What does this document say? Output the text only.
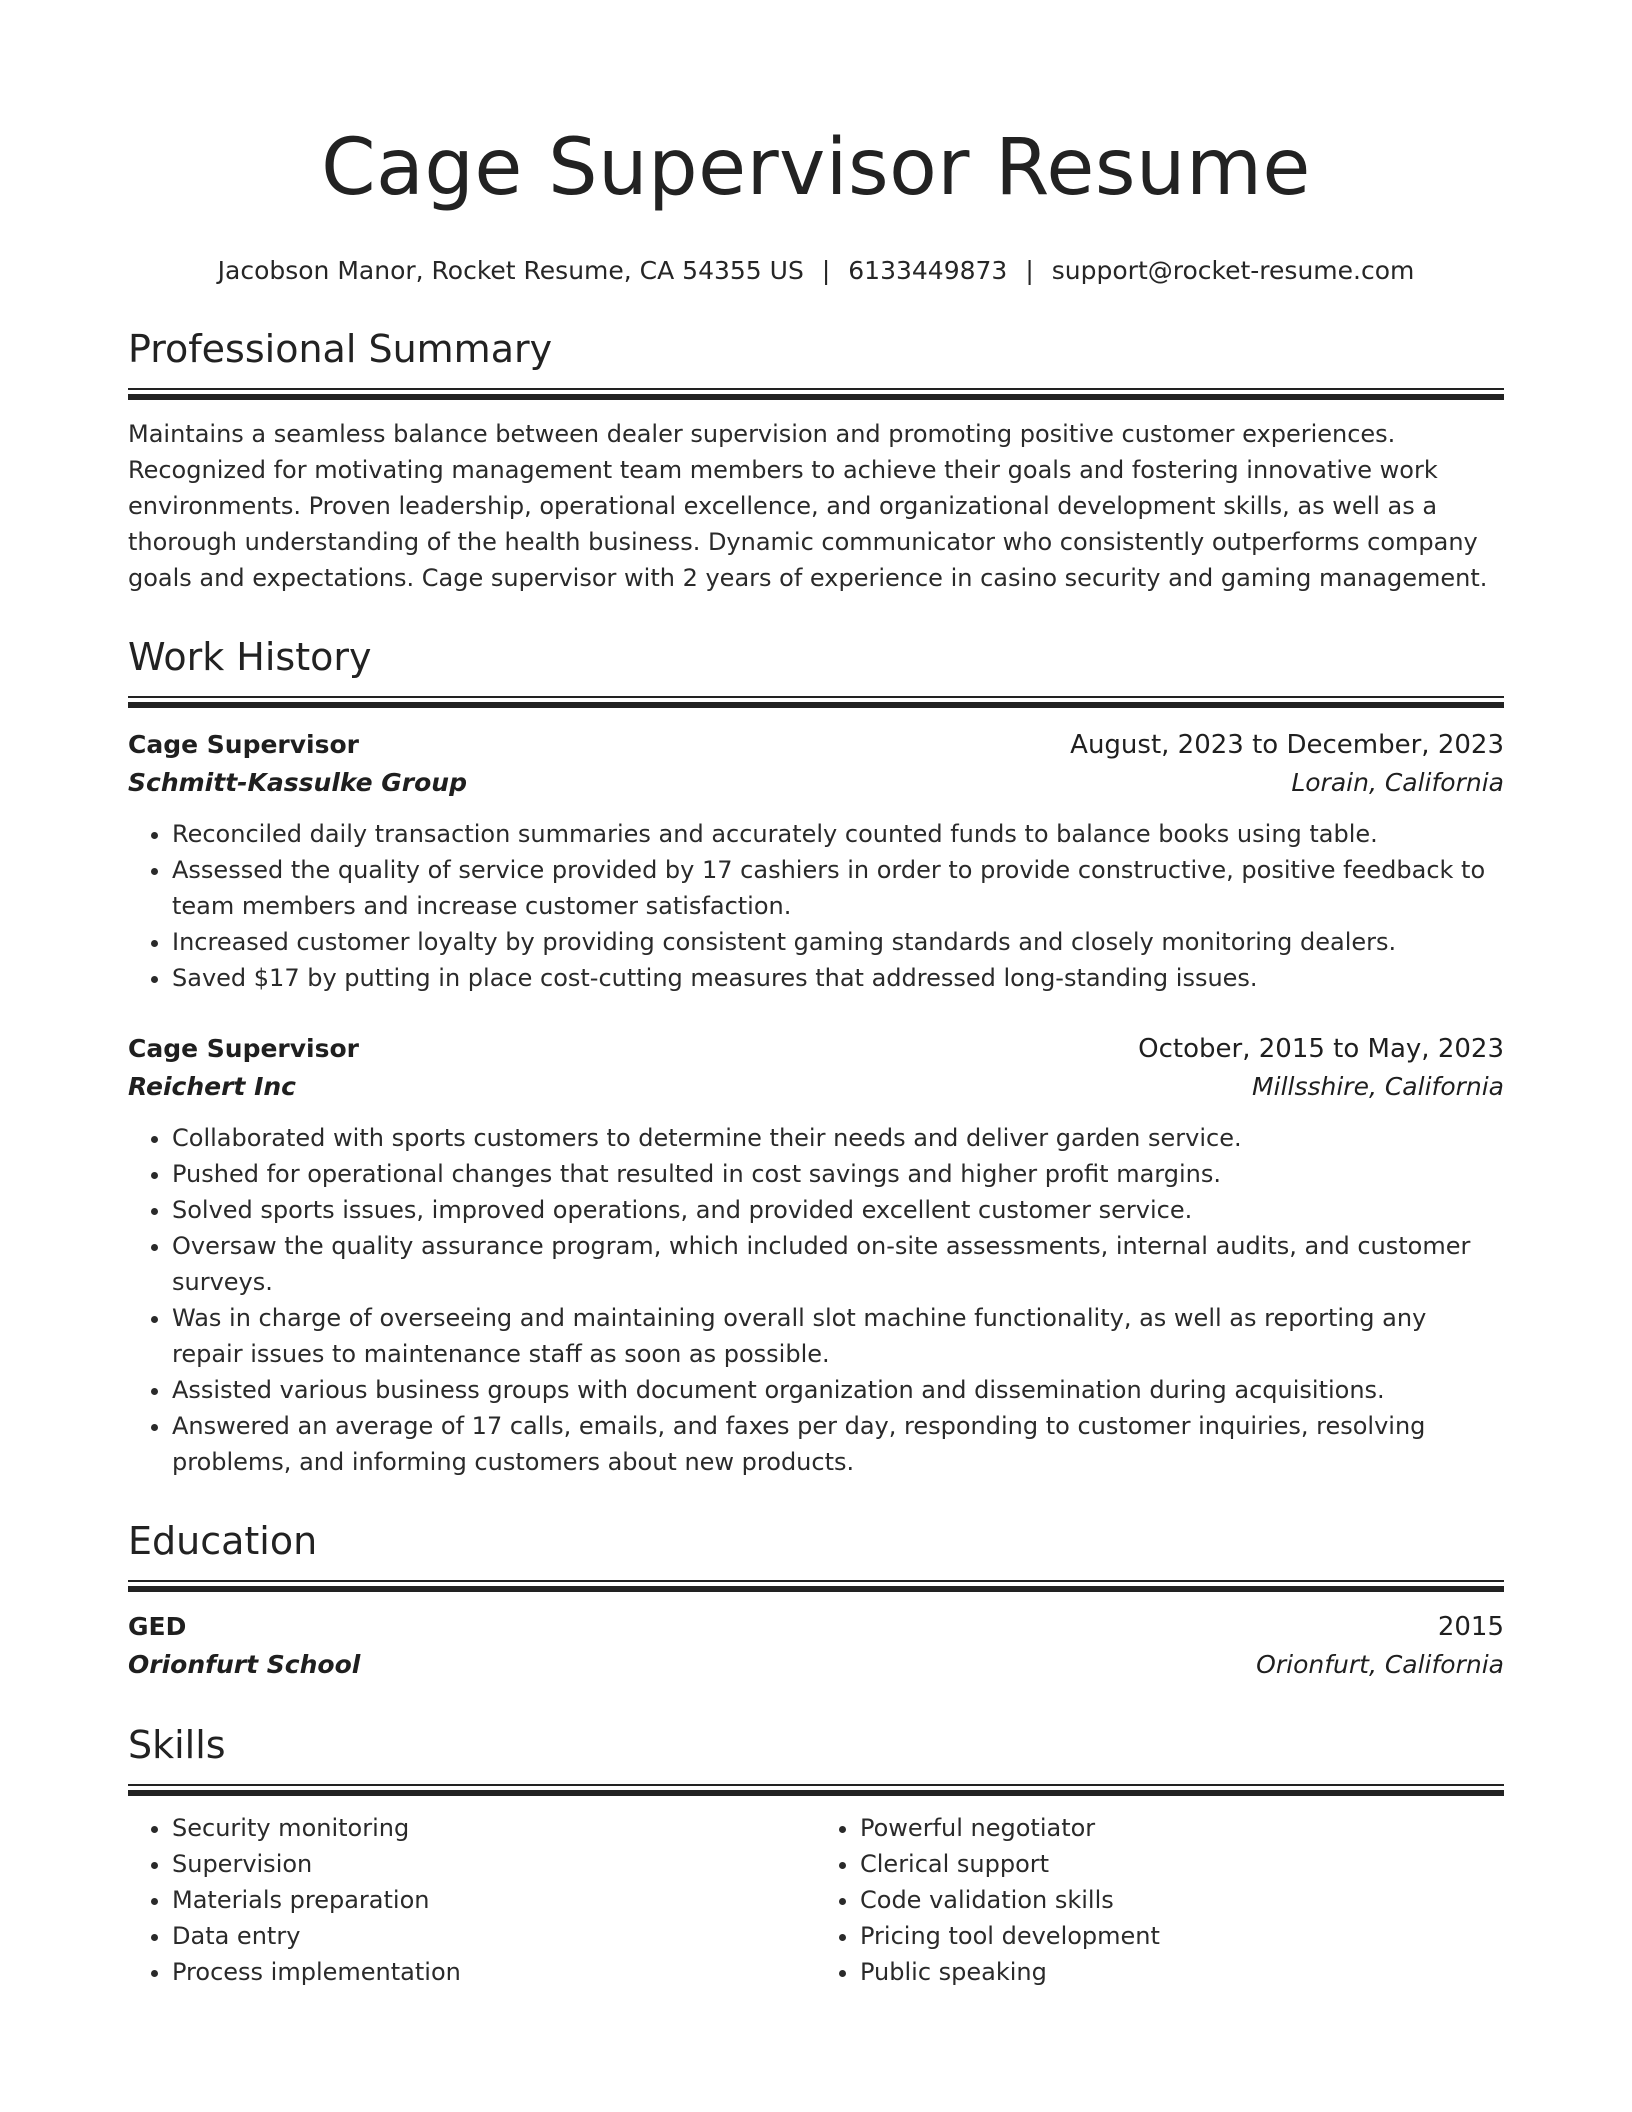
Cage Supervisor Resume
Jacobson Manor, Rocket Resume, CA 54355 US | 6133449873 | support@rocket-resume.com
Professional Summary
Maintains a seamless balance between dealer supervision and promoting positive customer experiences. Recognized for motivating management team members to achieve their goals and fostering innovative work environments. Proven leadership, operational excellence, and organizational development skills, as well as a thorough understanding of the health business. Dynamic communicator who consistently outperforms company goals and expectations. Cage supervisor with 2 years of experience in casino security and gaming management.
Work History
Cage Supervisor	August, 2023 to December, 2023
Schmitt-Kassulke Group	Lorain, California
• Reconciled daily transaction summaries and accurately counted funds to balance books using table.
• Assessed the quality of service provided by 17 cashiers in order to provide constructive, positive feedback to team members and increase customer satisfaction.
• Increased customer loyalty by providing consistent gaming standards and closely monitoring dealers.
• Saved $17 by putting in place cost-cutting measures that addressed long-standing issues.
Cage Supervisor	October, 2015 to May, 2023
Reichert Inc	Millsshire, California
• Collaborated with sports customers to determine their needs and deliver garden service.
• Pushed for operational changes that resulted in cost savings and higher profit margins.
• Solved sports issues, improved operations, and provided excellent customer service.
• Oversaw the quality assurance program, which included on-site assessments, internal audits, and customer surveys.
• Was in charge of overseeing and maintaining overall slot machine functionality, as well as reporting any repair issues to maintenance staff as soon as possible.
• Assisted various business groups with document organization and dissemination during acquisitions.
• Answered an average of 17 calls, emails, and faxes per day, responding to customer inquiries, resolving problems, and informing customers about new products.
Education
GED	2015
Orionfurt School	Orionfurt, California
Skills
• Security monitoring
• Supervision
• Materials preparation
• Data entry
• Process implementation
• Powerful negotiator
• Clerical support
• Code validation skills
• Pricing tool development
• Public speaking
